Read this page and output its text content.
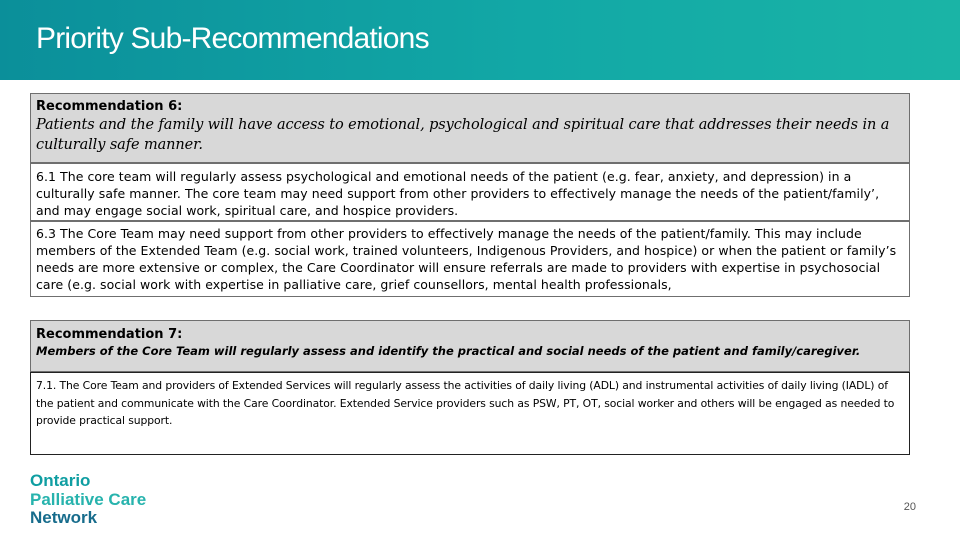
Priority Sub-Recommendations
Recommendation 6:
Patients and the family will have access to emotional, psychological and spiritual care that addresses their needs in a culturally safe manner.
6.1 The core team will regularly assess psychological and emotional needs of the patient (e.g. fear, anxiety, and depression) in a culturally safe manner. The core team may need support from other providers to effectively manage the needs of the patient/family’, and may engage social work, spiritual care, and hospice providers.
6.3 The Core Team may need support from other providers to effectively manage the needs of the patient/family. This may include members of the Extended Team (e.g. social work, trained volunteers, Indigenous Providers, and hospice) or when the patient or family’s needs are more extensive or complex, the Care Coordinator will ensure referrals are made to providers with expertise in psychosocial care (e.g. social work with expertise in palliative care, grief counsellors, mental health professionals,
Recommendation 7:
Members of the Core Team will regularly assess and identify the practical and social needs of the patient and family/caregiver.
7.1. The Core Team and providers of Extended Services will regularly assess the activities of daily living (ADL) and instrumental activities of daily living (IADL) of the patient and communicate with the Care Coordinator. Extended Service providers such as PSW, PT, OT, social worker and others will be engaged as needed to provide practical support.
Ontario
Palliative Care
Network
20
